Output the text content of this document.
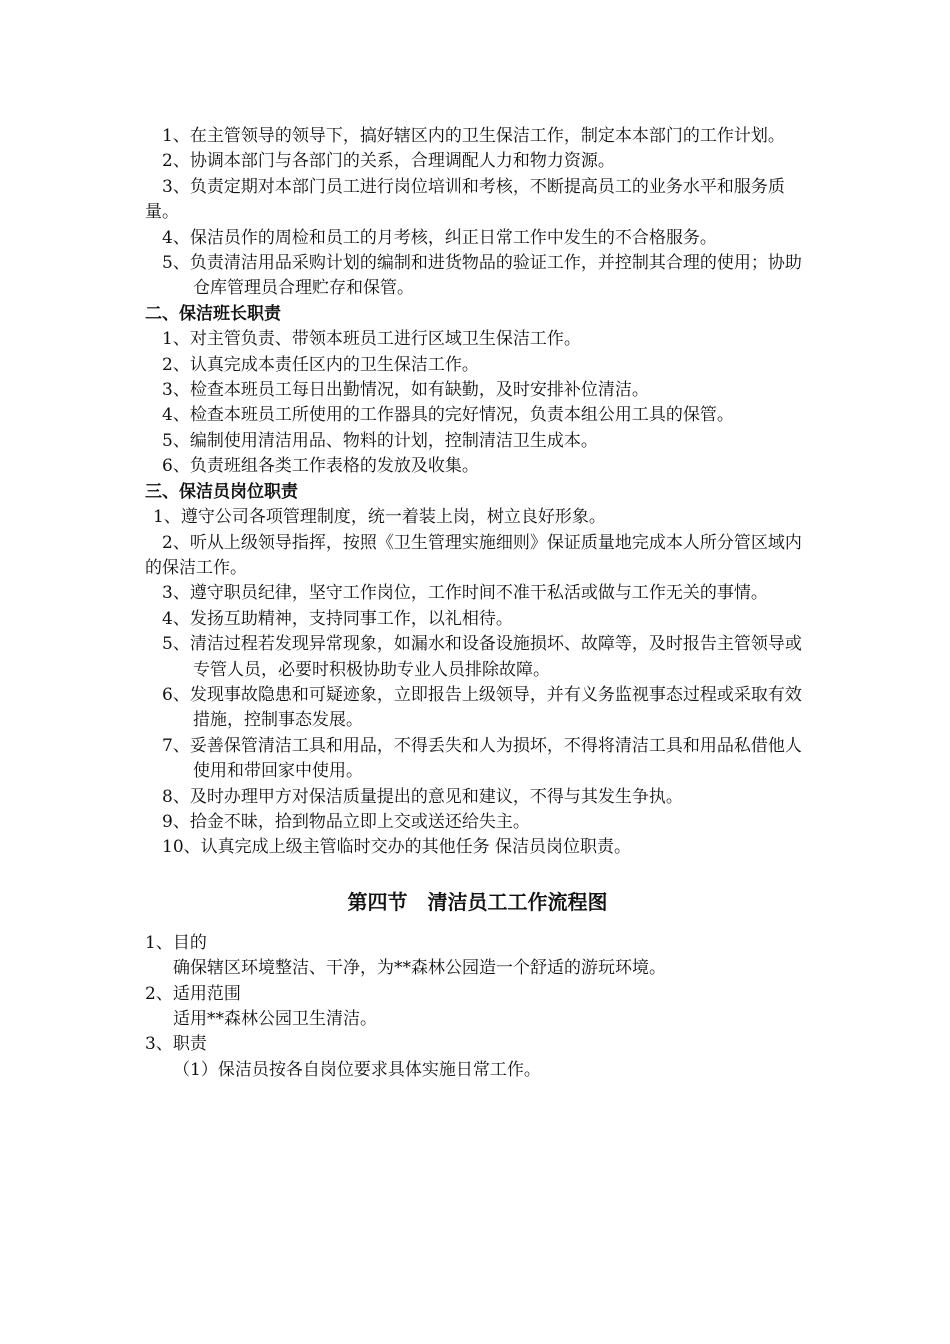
1、在主管领导的领导下，搞好辖区内的卫生保洁工作，制定本本部门的工作计划。

2、协调本部门与各部门的关系，合理调配人力和物力资源。

3、负责定期对本部门员工进行岗位培训和考核，不断提高员工的业务水平和服务质量。

4、保洁员作的周检和员工的月考核，纠正日常工作中发生的不合格服务。

5、负责清洁用品采购计划的编制和进货物品的验证工作，并控制其合理的使用；协助

仓库管理员合理贮存和保管。

二、保洁班长职责

1、对主管负责、带领本班员工进行区域卫生保洁工作。

2、认真完成本责任区内的卫生保洁工作。

3、检查本班员工每日出勤情况，如有缺勤，及时安排补位清洁。

4、检查本班员工所使用的工作器具的完好情况，负责本组公用工具的保管。

5、编制使用清洁用品、物料的计划，控制清洁卫生成本。

6、负责班组各类工作表格的发放及收集。

三、保洁员岗位职责

1、遵守公司各项管理制度，统一着装上岗，树立良好形象。

2、听从上级领导指挥，按照《卫生管理实施细则》保证质量地完成本人所分管区域内的保洁工作。

3、遵守职员纪律，坚守工作岗位，工作时间不准干私活或做与工作无关的事情。

4、发扬互助精神，支持同事工作，以礼相待。

5、清洁过程若发现异常现象，如漏水和设备设施损坏、故障等，及时报告主管领导或

专管人员，必要时积极协助专业人员排除故障。

6、发现事故隐患和可疑迹象，立即报告上级领导，并有义务监视事态过程或采取有效

措施，控制事态发展。

7、妥善保管清洁工具和用品，不得丢失和人为损坏，不得将清洁工具和用品私借他人

使用和带回家中使用。

8、及时办理甲方对保洁质量提出的意见和建议，不得与其发生争执。

9、拾金不昧，拾到物品立即上交或送还给失主。

10、认真完成上级主管临时交办的其他任务 保洁员岗位职责。

第四节　清洁员工工作流程图

1、目的

确保辖区环境整洁、干净，为**森林公园造一个舒适的游玩环境。

2、适用范围

适用**森林公园卫生清洁。

3、职责

（1）保洁员按各自岗位要求具体实施日常工作。
